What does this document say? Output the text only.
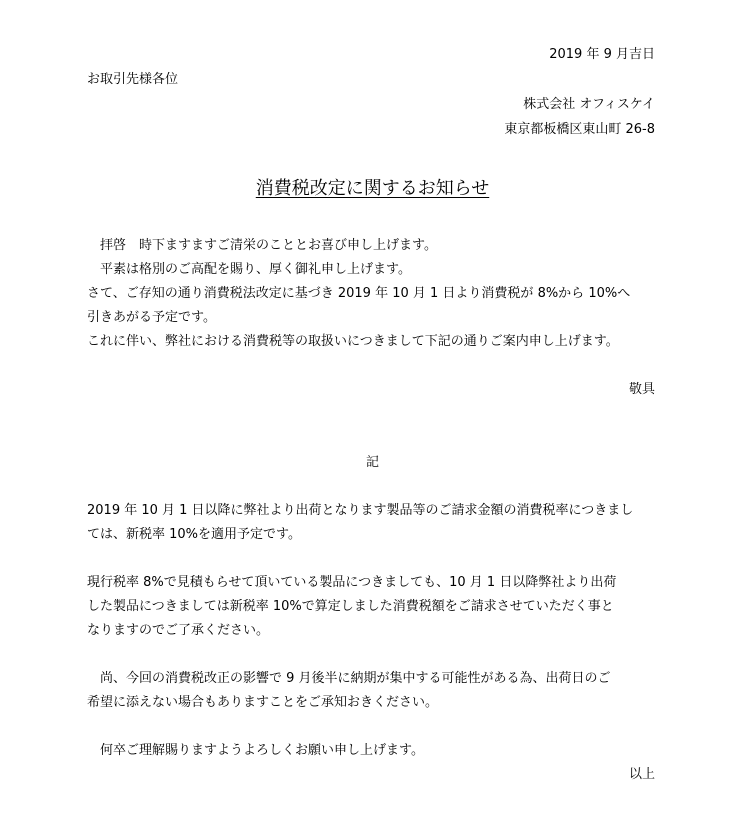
2019 年 9 月吉日
お取引先様各位
株式会社 オフィスケイ
東京都板橋区東山町 26-8
消費税改定に関するお知らせ
　拝啓　時下ますますご清栄のこととお喜び申し上げます。
　平素は格別のご高配を賜り、厚く御礼申し上げます。
さて、ご存知の通り消費税法改定に基づき 2019 年 10 月 1 日より消費税が 8%から 10%へ
引きあがる予定です。
これに伴い、弊社における消費税等の取扱いにつきまして下記の通りご案内申し上げます。
敬具
記
2019 年 10 月 1 日以降に弊社より出荷となります製品等のご請求金額の消費税率につきまし
ては、新税率 10%を適用予定です。
現行税率 8%で見積もらせて頂いている製品につきましても、10 月 1 日以降弊社より出荷
した製品につきましては新税率 10%で算定しました消費税額をご請求させていただく事と
なりますのでご了承ください。
　尚、今回の消費税改正の影響で 9 月後半に納期が集中する可能性がある為、出荷日のご
希望に添えない場合もありますことをご承知おきください。
　何卒ご理解賜りますようよろしくお願い申し上げます。
以上
